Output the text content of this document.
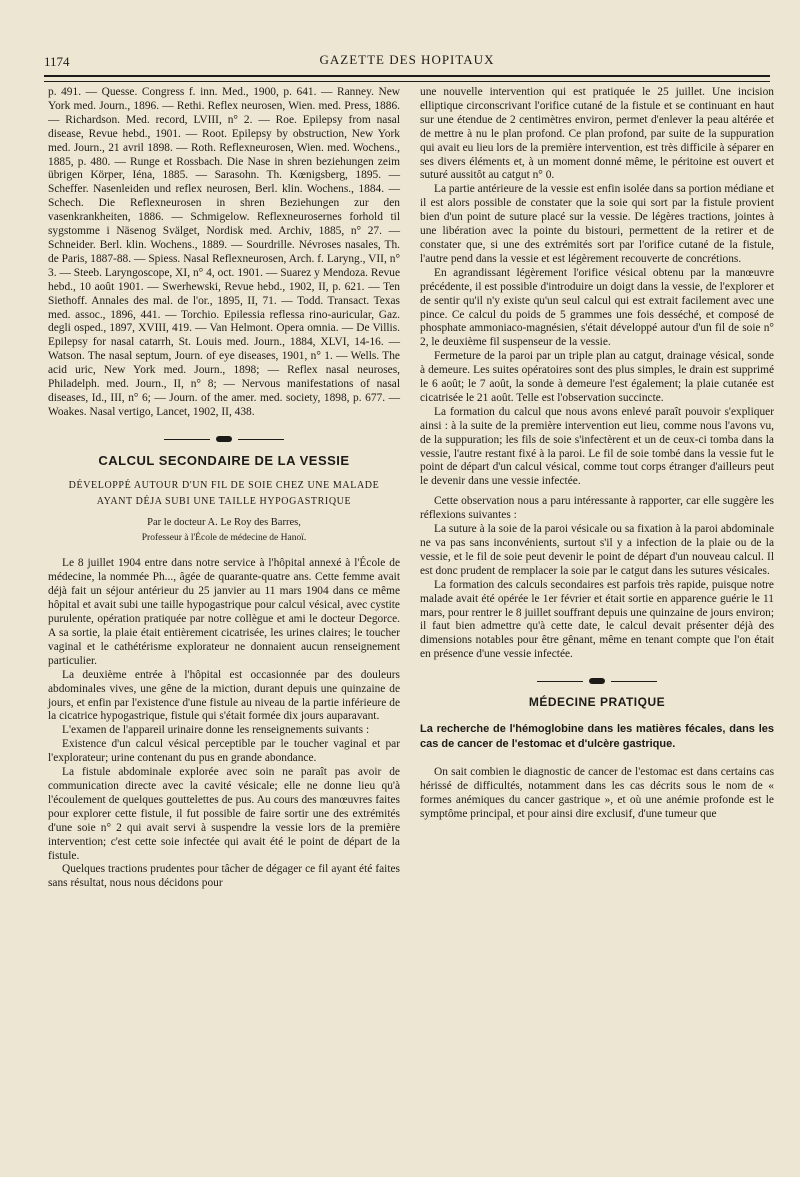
1174	GAZETTE DES HOPITAUX

p. 491. — Quesse. Congress f. inn. Med., 1900, p. 641. — Ranney. New York med. Journ., 1896. — Rethi. Reflex neurosen, Wien. med. Press, 1886. — Richardson. Med. record, LVIII, n° 2. — Roe. Epilepsy from nasal disease, Revue hebd., 1901. — Root. Epilepsy by obstruction, New York med. Journ., 21 avril 1898. — Roth. Reflexneurosen, Wien. med. Wochens., 1885, p. 480. — Runge et Rossbach. Die Nase in shren beziehungen zeim übrigen Körper, Iéna, 1885. — Sarasohn. Th. Kœnigsberg, 1895. — Scheffer. Nasenleiden und reflex neurosen, Berl. klin. Wochens., 1884. — Schech. Die Reflexneurosen in shren Beziehungen zur den vasenkrankheiten, 1886. — Schmigelow. Reflexneurosernes forhold til sygstomme i Näsenog Svälget, Nordisk med. Archiv, 1885, n° 27. — Schneider. Berl. klin. Wochens., 1889. — Sourdrille. Névroses nasales, Th. de Paris, 1887-88. — Spiess. Nasal Reflexneurosen, Arch. f. Laryng., VII, n° 3. — Steeb. Laryngoscope, XI, n° 4, oct. 1901. — Suarez y Mendoza. Revue hebd., 10 août 1901. — Swerhewski, Revue hebd., 1902, II, p. 621. — Ten Siethoff. Annales des mal. de l'or., 1895, II, 71. — Todd. Transact. Texas med. assoc., 1896, 441. — Torchio. Epilessia reflessa rino-auricular, Gaz. degli osped., 1897, XVIII, 419. — Van Helmont. Opera omnia. — De Villis. Epilepsy for nasal catarrh, St. Louis med. Journ., 1884, XLVI, 14-16. — Watson. The nasal septum, Journ. of eye diseases, 1901, n° 1. — Wells. The acid uric, New York med. Journ., 1898; — Reflex nasal neuroses, Philadelph. med. Journ., II, n° 8; — Nervous manifestations of nasal diseases, Id., III, n° 6; — Journ. of the amer. med. society, 1898, p. 677. — Woakes. Nasal vertigo, Lancet, 1902, II, 438.

CALCUL SECONDAIRE DE LA VESSIE
DÉVELOPPÉ AUTOUR D'UN FIL DE SOIE CHEZ UNE MALADE
AYANT DÉJA SUBI UNE TAILLE HYPOGASTRIQUE
Par le docteur A. Le Roy des Barres,
Professeur à l'École de médecine de Hanoï.

Le 8 juillet 1904 entre dans notre service à l'hôpital annexé à l'École de médecine, la nommée Ph..., âgée de quarante-quatre ans. Cette femme avait déjà fait un séjour antérieur du 25 janvier au 11 mars 1904 dans ce même hôpital et avait subi une taille hypogastrique pour calcul vésical, avec cystite purulente, opération pratiquée par notre collègue et ami le docteur Degorce. A sa sortie, la plaie était entièrement cicatrisée, les urines claires; le toucher vaginal et le cathétérisme explorateur ne donnaient aucun renseignement particulier.

La deuxième entrée à l'hôpital est occasionnée par des douleurs abdominales vives, une gêne de la miction, durant depuis une quinzaine de jours, et enfin par l'existence d'une fistule au niveau de la partie inférieure de la cicatrice hypogastrique, fistule qui s'était formée dix jours auparavant.

L'examen de l'appareil urinaire donne les renseignements suivants :

Existence d'un calcul vésical perceptible par le toucher vaginal et par l'explorateur; urine contenant du pus en grande abondance.

La fistule abdominale explorée avec soin ne paraît pas avoir de communication directe avec la cavité vésicale; elle ne donne lieu qu'à l'écoulement de quelques gouttelettes de pus. Au cours des manœuvres faites pour explorer cette fistule, il fut possible de faire sortir une des extrémités d'une soie n° 2 qui avait servi à suspendre la vessie lors de la première intervention; c'est cette soie infectée qui avait été le point de départ de la fistule.

Quelques tractions prudentes pour tâcher de dégager ce fil ayant été faites sans résultat, nous nous décidons pour

une nouvelle intervention qui est pratiquée le 25 juillet. Une incision elliptique circonscrivant l'orifice cutané de la fistule et se continuant en haut sur une étendue de 2 centimètres environ, permet d'enlever la peau altérée et de mettre à nu le plan profond. Ce plan profond, par suite de la suppuration qui avait eu lieu lors de la première intervention, est très difficile à séparer en ses divers éléments et, à un moment donné même, le péritoine est ouvert et suturé aussitôt au catgut n° 0.

La partie antérieure de la vessie est enfin isolée dans sa portion médiane et il est alors possible de constater que la soie qui sort par la fistule provient bien d'un point de suture placé sur la vessie. De légères tractions, jointes à une libération avec la pointe du bistouri, permettent de la retirer et de constater que, si une des extrémités sort par l'orifice cutané de la fistule, l'autre pend dans la vessie et est légèrement recouverte de concrétions.

En agrandissant légèrement l'orifice vésical obtenu par la manœuvre précédente, il est possible d'introduire un doigt dans la vessie, de l'explorer et de sentir qu'il n'y existe qu'un seul calcul qui est extrait facilement avec une pince. Ce calcul du poids de 5 grammes une fois desséché, et composé de phosphate ammoniaco-magnésien, s'était développé autour d'un fil de soie n° 2, le deuxième fil suspenseur de la vessie.

Fermeture de la paroi par un triple plan au catgut, drainage vésical, sonde à demeure. Les suites opératoires sont des plus simples, le drain est supprimé le 6 août; le 7 août, la sonde à demeure l'est également; la plaie cutanée est cicatrisée le 21 août. Telle est l'observation succincte.

La formation du calcul que nous avons enlevé paraît pouvoir s'expliquer ainsi : à la suite de la première intervention eut lieu, comme nous l'avons vu, de la suppuration; les fils de soie s'infectèrent et un de ceux-ci tomba dans la vessie, l'autre restant fixé à la paroi. Le fil de soie tombé dans la vessie fut le point de départ d'un calcul vésical, comme tout corps étranger d'ailleurs peut le devenir dans une vessie infectée.

Cette observation nous a paru intéressante à rapporter, car elle suggère les réflexions suivantes :

La suture à la soie de la paroi vésicale ou sa fixation à la paroi abdominale ne va pas sans inconvénients, surtout s'il y a infection de la plaie ou de la vessie, et le fil de soie peut devenir le point de départ d'un nouveau calcul. Il est donc prudent de remplacer la soie par le catgut dans les sutures vésicales.

La formation des calculs secondaires est parfois très rapide, puisque notre malade avait été opérée le 1er février et était sortie en apparence guérie le 11 mars, pour rentrer le 8 juillet souffrant depuis une quinzaine de jours environ; il faut bien admettre qu'à cette date, le calcul devait présenter déjà des dimensions notables pour être gênant, même en tenant compte que l'on était en présence d'une vessie infectée.

MÉDECINE PRATIQUE
La recherche de l'hémoglobine dans les matières fécales, dans les cas de cancer de l'estomac et d'ulcère gastrique.

On sait combien le diagnostic de cancer de l'estomac est dans certains cas hérissé de difficultés, notamment dans les cas décrits sous le nom de « formes anémiques du cancer gastrique », et où une anémie profonde est le symptôme principal, et pour ainsi dire exclusif, d'une tumeur que
